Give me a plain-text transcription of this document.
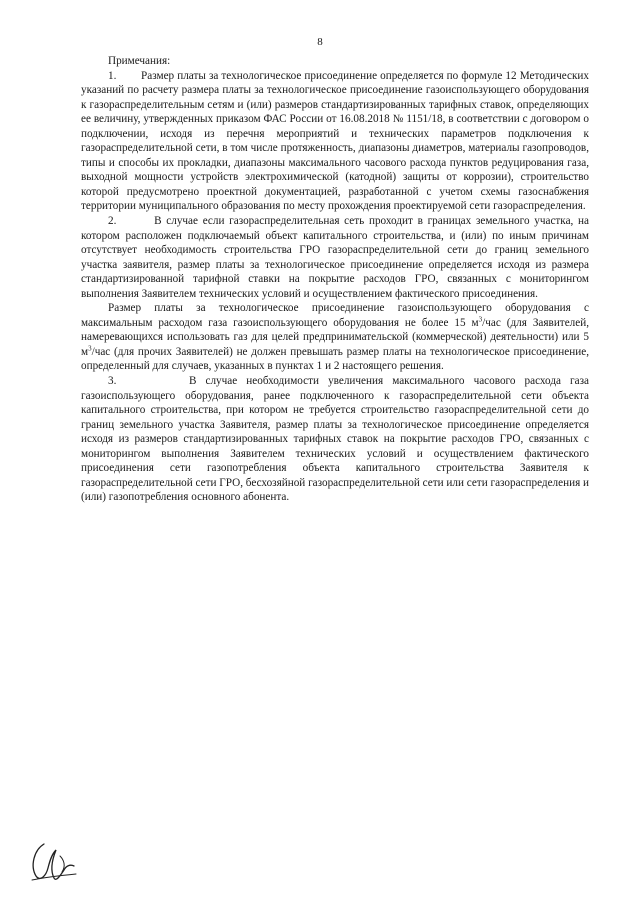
8

Примечания:

1.        Размер платы за технологическое присоединение определяется по формуле 12 Методических указаний по расчету размера платы за технологическое присоединение газоиспользующего оборудования к газораспределительным сетям и (или) размеров стандартизированных тарифных ставок, определяющих ее величину, утвержденных приказом ФАС России от 16.08.2018 № 1151/18, в соответствии с договором о подключении, исходя из перечня мероприятий и технических параметров подключения к газораспределительной сети, в том числе протяженность, диапазоны диаметров, материалы газопроводов, типы и способы их прокладки, диапазоны максимального часового расхода пунктов редуцирования газа, выходной мощности устройств электрохимической (катодной) защиты от коррозии), строительство которой предусмотрено проектной документацией, разработанной с учетом схемы газоснабжения территории муниципального образования по месту прохождения проектируемой сети газораспределения.

2.        В случае если газораспределительная сеть проходит в границах земельного участка, на котором расположен подключаемый объект капитального строительства, и (или) по иным причинам отсутствует необходимость строительства ГРО газораспределительной сети до границ земельного участка заявителя, размер платы за технологическое присоединение определяется исходя из размера стандартизированной тарифной ставки на покрытие расходов ГРО, связанных с мониторингом выполнения Заявителем технических условий и осуществлением фактического присоединения.

Размер платы за технологическое присоединение газоиспользующего оборудования с максимальным расходом газа газоиспользующего оборудования не более 15 $м^3$/час (для Заявителей, намеревающихся использовать газ для целей предпринимательской (коммерческой) деятельности) или 5 $м^3$/час (для прочих Заявителей) не должен превышать размер платы на технологическое присоединение, определенный для случаев, указанных в пунктах 1 и 2 настоящего решения.

3.        В случае необходимости увеличения максимального часового расхода газа газоиспользующего оборудования, ранее подключенного к газораспределительной сети объекта капитального строительства, при котором не требуется строительство газораспределительной сети до границ земельного участка Заявителя, размер платы за технологическое присоединение определяется исходя из размеров стандартизированных тарифных ставок на покрытие расходов ГРО, связанных с мониторингом выполнения Заявителем технических условий и осуществлением фактического присоединения сети газопотребления объекта капитального строительства Заявителя к газораспределительной сети ГРО, бесхозяйной газораспределительной сети или сети газораспределения и (или) газопотребления основного абонента.
